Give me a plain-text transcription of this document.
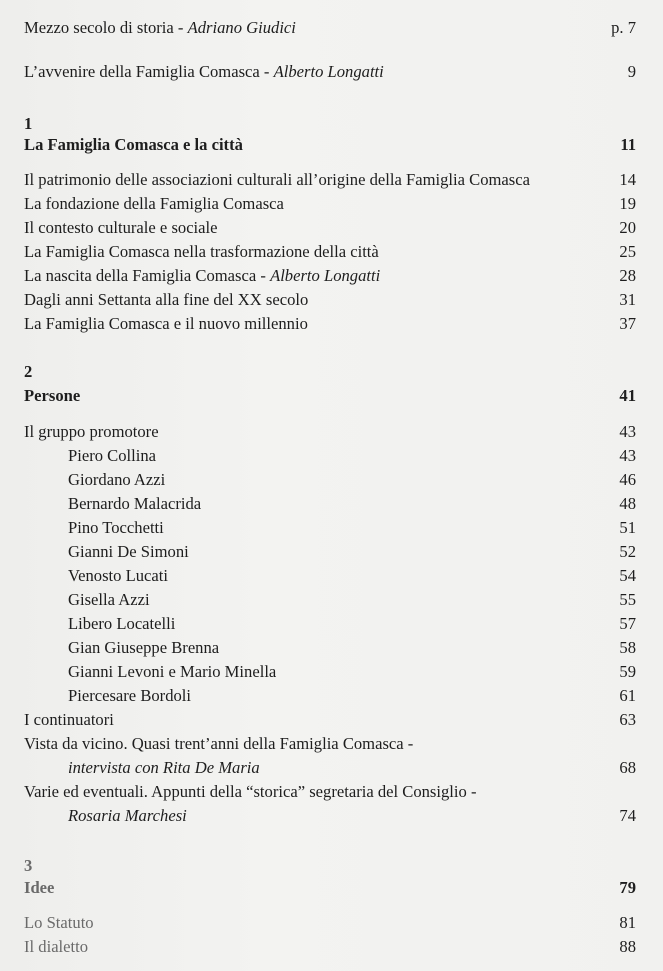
Mezzo secolo di storia - Adriano Giudici	p. 7
L’avvenire della Famiglia Comasca - Alberto Longatti	9
1
La Famiglia Comasca e la città	11
Il patrimonio delle associazioni culturali all’origine della Famiglia Comasca	14
La fondazione della Famiglia Comasca	19
Il contesto culturale e sociale	20
La Famiglia Comasca nella trasformazione della città	25
La nascita della Famiglia Comasca - Alberto Longatti	28
Dagli anni Settanta alla fine del XX secolo	31
La Famiglia Comasca e il nuovo millennio	37
2
Persone	41
Il gruppo promotore	43
Piero Collina	43
Giordano Azzi	46
Bernardo Malacrida	48
Pino Tocchetti	51
Gianni De Simoni	52
Venosto Lucati	54
Gisella Azzi	55
Libero Locatelli	57
Gian Giuseppe Brenna	58
Gianni Levoni e Mario Minella	59
Piercesare Bordoli	61
I continuatori	63
Vista da vicino. Quasi trent’anni della Famiglia Comasca -
intervista con Rita De Maria	68
Varie ed eventuali. Appunti della “storica” segretaria del Consiglio -
Rosaria Marchesi	74
3
Idee	79
Lo Statuto	81
Il dialetto	88
